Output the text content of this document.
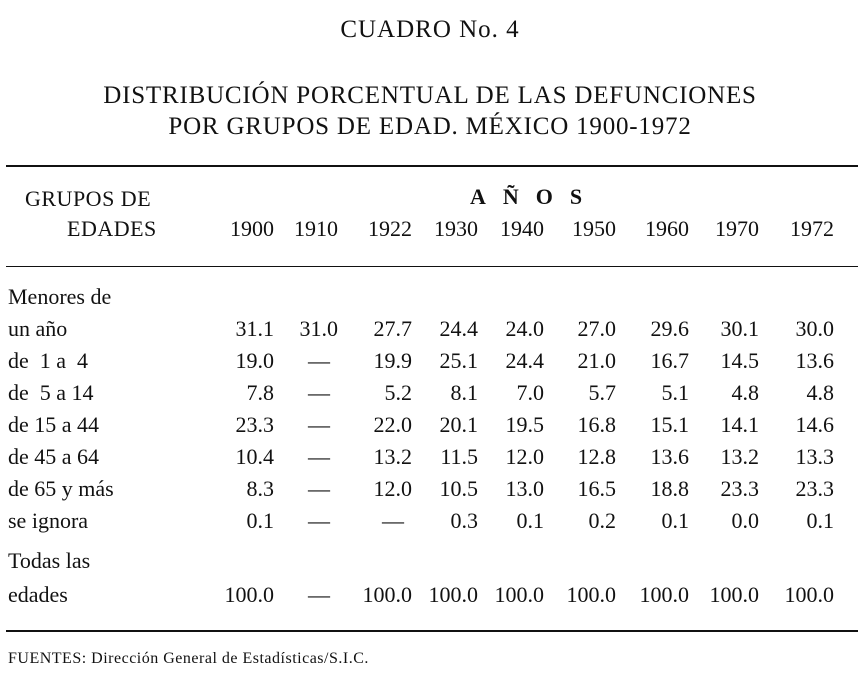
CUADRO No. 4
DISTRIBUCIÓN PORCENTUAL DE LAS DEFUNCIONES
POR GRUPOS DE EDAD. MÉXICO 1900-1972
GRUPOS DE
EDADES
AÑOS
1900 1910	1922	1930	1940	1950	1960	1970	1972
Menores de
un año	31.1	31.0	27.7	24.4	24.0	27.0	29.6	30.1	30.0
de  1 a  4	19.0	—	19.9	25.1	24.4	21.0	16.7	14.5	13.6
de  5 a 14	7.8	—	5.2	8.1	7.0	5.7	5.1	4.8	4.8
de 15 a 44	23.3	—	22.0	20.1	19.5	16.8	15.1	14.1	14.6
de 45 a 64	10.4	—	13.2	11.5	12.0	12.8	13.6	13.2	13.3
de 65 y más	8.3	—	12.0	10.5	13.0	16.5	18.8	23.3	23.3
se ignora	0.1	—	—	0.3	0.1	0.2	0.1	0.0	0.1
Todas las
edades	100.0	—	100.0 100.0 100.0	100.0	100.0 100.0	100.0
FUENTES: Dirección General de Estadísticas/S.I.C.
